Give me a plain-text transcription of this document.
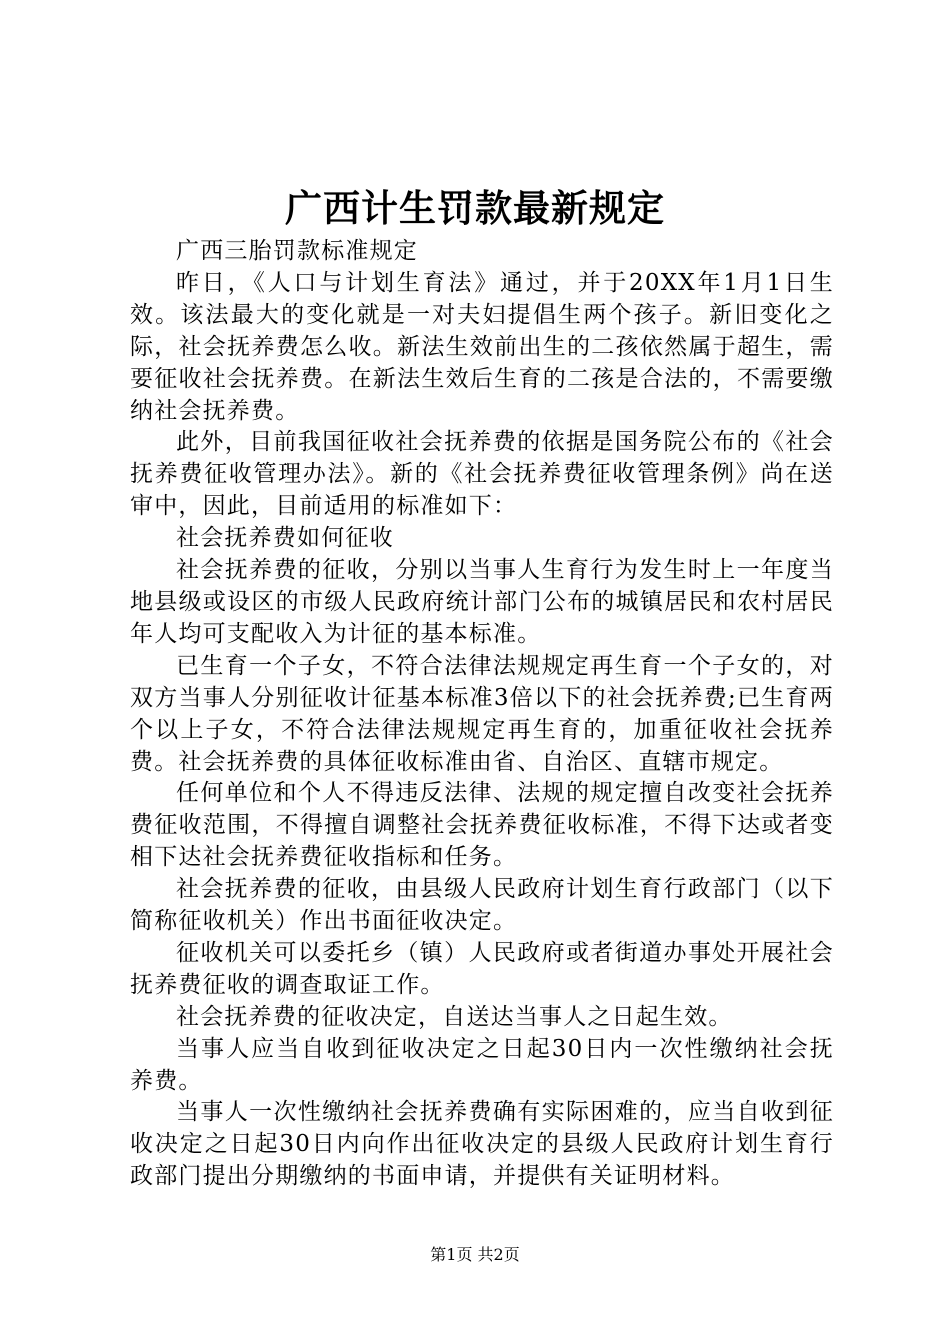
广西计生罚款最新规定

广西三胎罚款标准规定

昨日，《人口与计划生育法》通过，并于20XX年1月1日生效。该法最大的变化就是一对夫妇提倡生两个孩子。新旧变化之际，社会抚养费怎么收。新法生效前出生的二孩依然属于超生，需要征收社会抚养费。在新法生效后生育的二孩是合法的，不需要缴纳社会抚养费。

此外，目前我国征收社会抚养费的依据是国务院公布的《社会抚养费征收管理办法》。新的《社会抚养费征收管理条例》尚在送审中，因此，目前适用的标准如下：

社会抚养费如何征收

社会抚养费的征收，分别以当事人生育行为发生时上一年度当地县级或设区的市级人民政府统计部门公布的城镇居民和农村居民年人均可支配收入为计征的基本标准。

已生育一个子女，不符合法律法规规定再生育一个子女的，对双方当事人分别征收计征基本标准3倍以下的社会抚养费;已生育两个以上子女，不符合法律法规规定再生育的，加重征收社会抚养费。社会抚养费的具体征收标准由省、自治区、直辖市规定。

任何单位和个人不得违反法律、法规的规定擅自改变社会抚养费征收范围，不得擅自调整社会抚养费征收标准，不得下达或者变相下达社会抚养费征收指标和任务。

社会抚养费的征收，由县级人民政府计划生育行政部门（以下简称征收机关）作出书面征收决定。

征收机关可以委托乡（镇）人民政府或者街道办事处开展社会抚养费征收的调查取证工作。

社会抚养费的征收决定，自送达当事人之日起生效。

当事人应当自收到征收决定之日起30日内一次性缴纳社会抚养费。

当事人一次性缴纳社会抚养费确有实际困难的，应当自收到征收决定之日起30日内向作出征收决定的县级人民政府计划生育行政部门提出分期缴纳的书面申请，并提供有关证明材料。

第1页 共2页
